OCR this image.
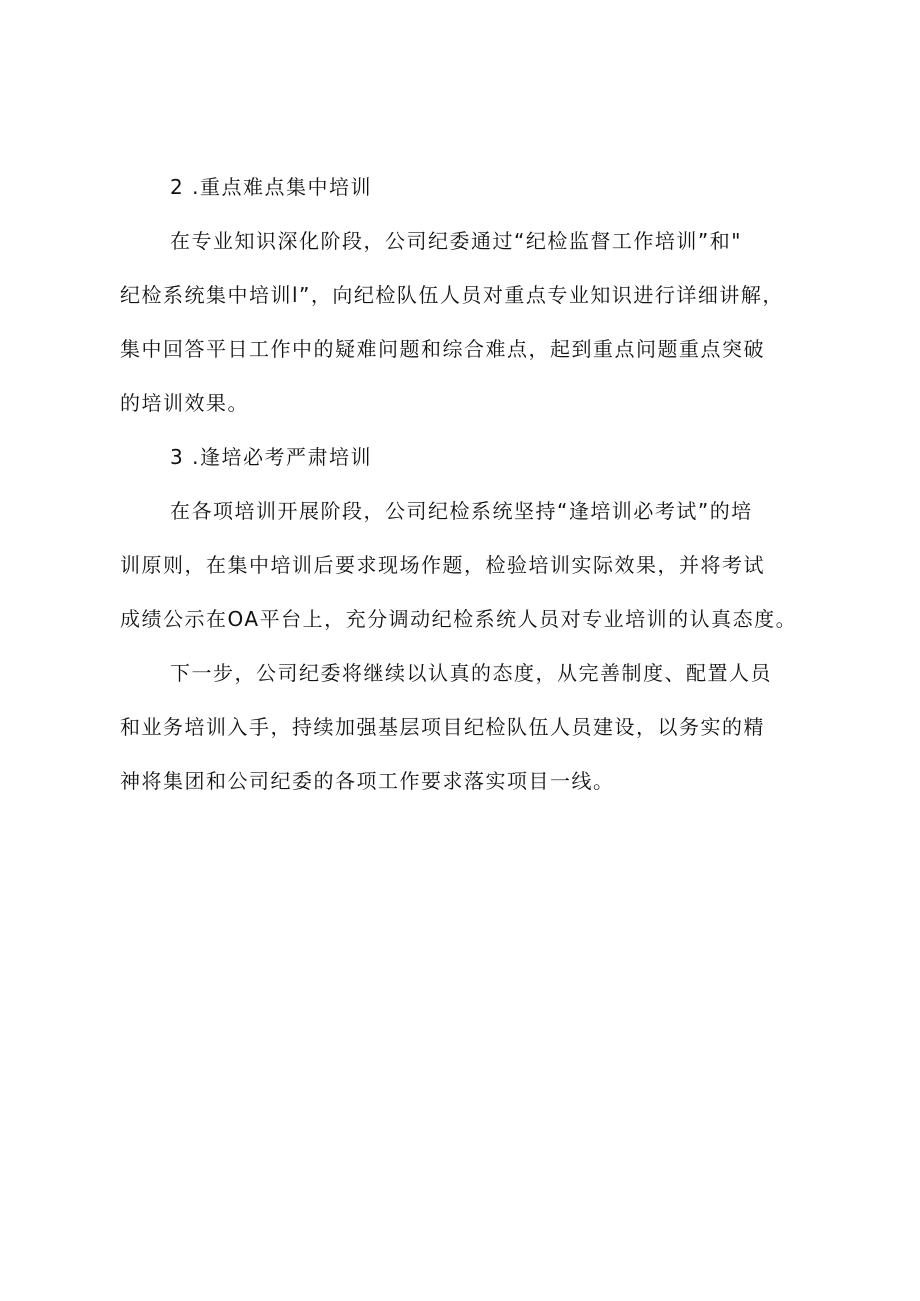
2 .重点难点集中培训
在专业知识深化阶段，公司纪委通过“纪检监督工作培训”和"
纪检系统集中培训l”，向纪检队伍人员对重点专业知识进行详细讲解，
集中回答平日工作中的疑难问题和综合难点，起到重点问题重点突破
的培训效果。
3 .逢培必考严肃培训
在各项培训开展阶段，公司纪检系统坚持“逢培训必考试”的培
训原则，在集中培训后要求现场作题，检验培训实际效果，并将考试
成绩公示在OA平台上，充分调动纪检系统人员对专业培训的认真态度。
下一步，公司纪委将继续以认真的态度，从完善制度、配置人员
和业务培训入手，持续加强基层项目纪检队伍人员建设，以务实的精
神将集团和公司纪委的各项工作要求落实项目一线。
